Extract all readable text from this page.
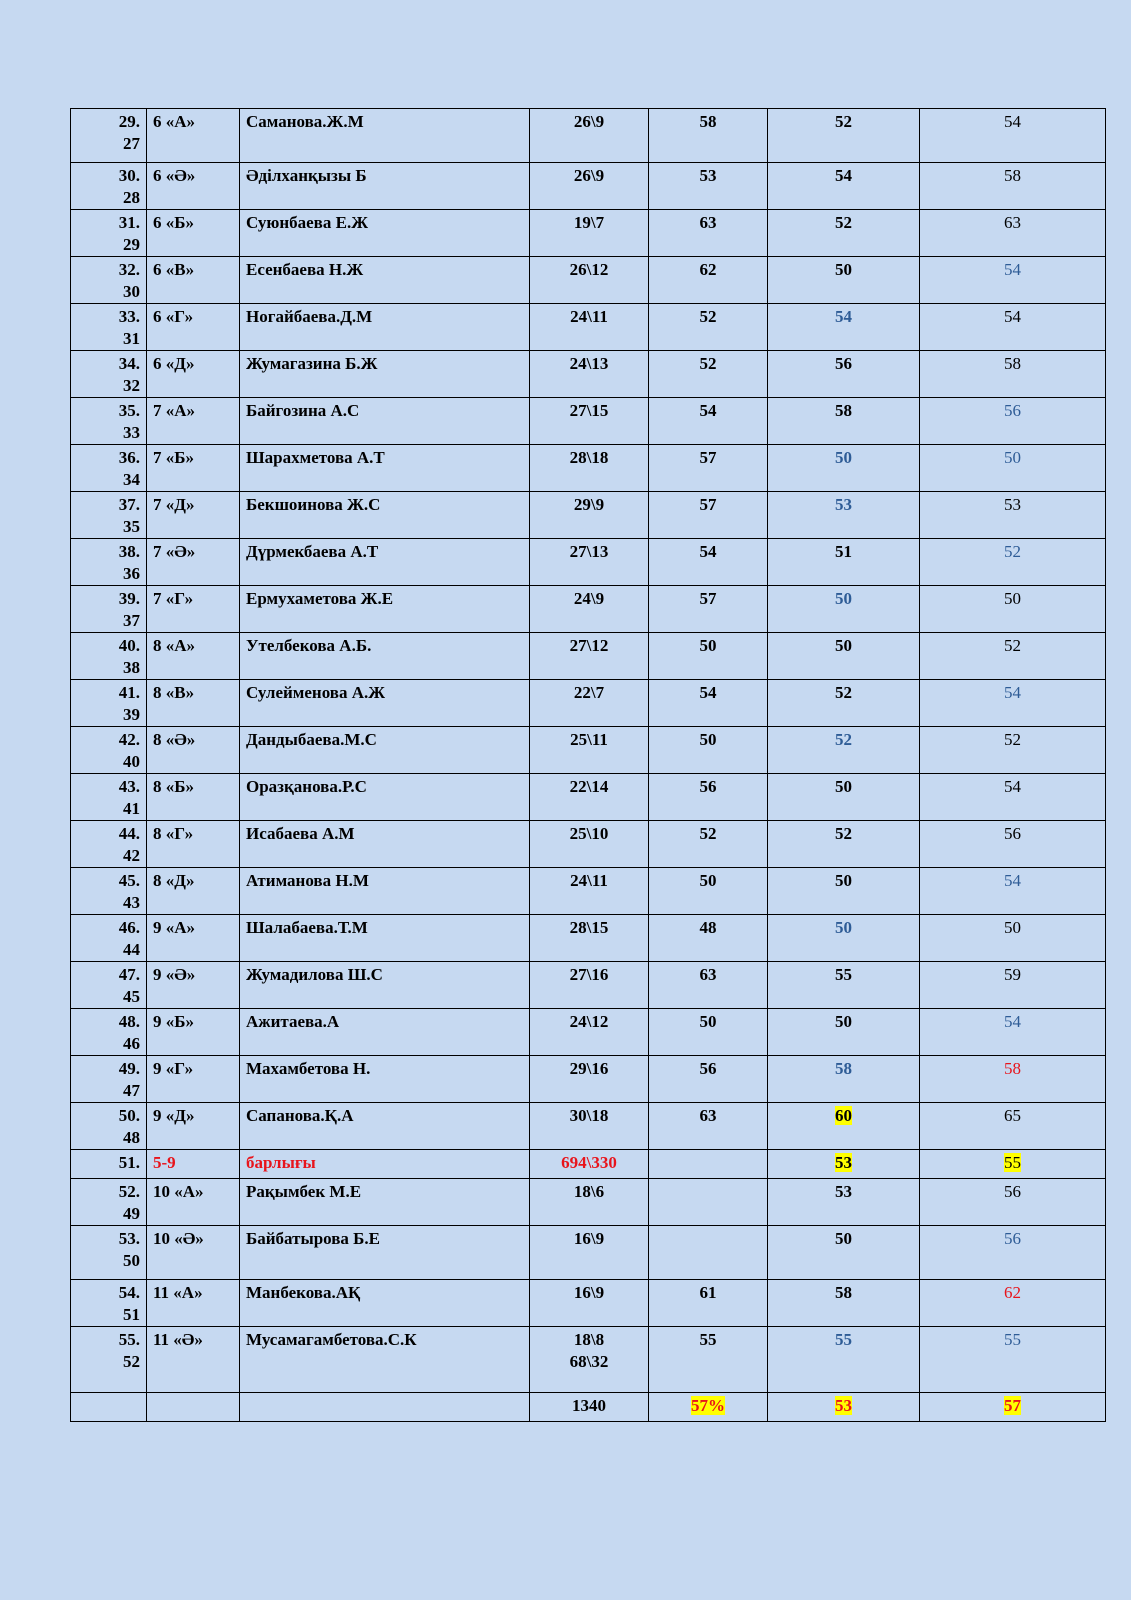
29.
27	6 «А»	Саманова.Ж.М	26\9	58	52	54

30.
28	6 «Ә»	Әділханқызы Б	26\9	53	54	58

31.
29	6 «Б»	Суюнбаева Е.Ж	19\7	63	52	63

32.
30	6 «В»	Есенбаева Н.Ж	26\12	62	50	54

33.
31	6 «Г»	Ногайбаева.Д.М	24\11	52	54	54

34.
32	6 «Д»	Жумагазина Б.Ж	24\13	52	56	58

35.
33	7 «А»	Байгозина А.С	27\15	54	58	56

36.
34	7 «Б»	Шарахметова А.Т	28\18	57	50	50

37.
35	7 «Д»	Бекшоинова Ж.С	29\9	57	53	53

38.
36	7 «Ә»	Дүрмекбаева А.Т	27\13	54	51	52

39.
37	7 «Г»	Ермухаметова Ж.Е	24\9	57	50	50

40.
38	8 «А»	Утелбекова А.Б.	27\12	50	50	52

41.
39	8 «В»	Сулейменова А.Ж	22\7	54	52	54

42.
40	8 «Ә»	Дандыбаева.М.С	25\11	50	52	52

43.
41	8 «Б»	Оразқанова.Р.С	22\14	56	50	54

44.
42	8 «Г»	Исабаева А.М	25\10	52	52	56

45.
43	8 «Д»	Атиманова Н.М	24\11	50	50	54

46.
44	9 «А»	Шалабаева.Т.М	28\15	48	50	50

47.
45	9 «Ә»	Жумадилова Ш.С	27\16	63	55	59

48.
46	9 «Б»	Ажитаева.А	24\12	50	50	54

49.
47	9 «Г»	Махамбетова Н.	29\16	56	58	58

50.
48	9 «Д»	Сапанова.Қ.А	30\18	63	60	65

51.	5-9	барлығы	694\330		53	55

52.
49	10 «А»	Рақымбек М.Е	18\6		53	56

53.
50	10 «Ә»	Байбатырова Б.Е	16\9		50	56

54.
51	11 «А»	Манбекова.АҚ	16\9	61	58	62

55.
52	11 «Ә»	Мусамагамбетова.С.К	18\8
68\32	55	55	55
			1340	57%	53	57
